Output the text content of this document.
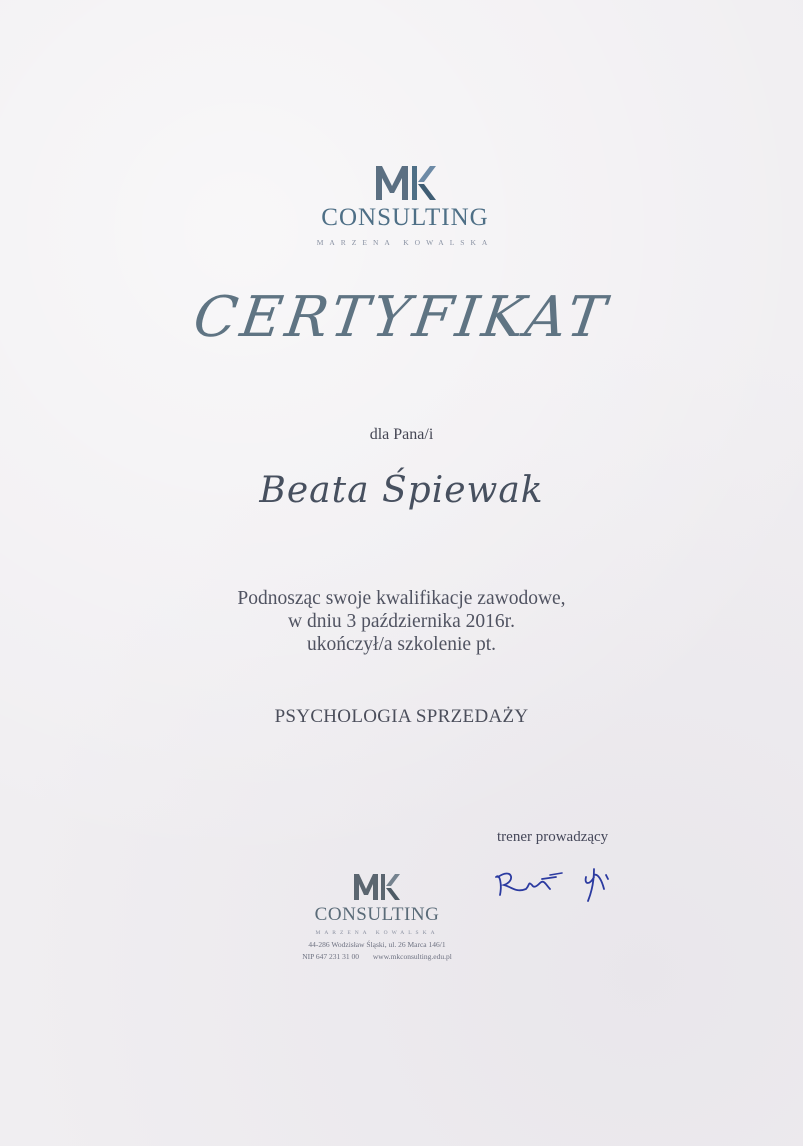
CONSULTING
MARZENA KOWALSKA
CERTYFIKAT
dla Pana/i
Beata Śpiewak
Podnosząc swoje kwalifikacje zawodowe,
w dniu 3 października 2016r.
ukończył/a szkolenie pt.
PSYCHOLOGIA SPRZEDAŻY
trener prowadzący
CONSULTING
MARZENA KOWALSKA
44-286 Wodzisław Śląski, ul. 26 Marca 146/1
NIP 647 231 31 00 www.mkconsulting.edu.pl
